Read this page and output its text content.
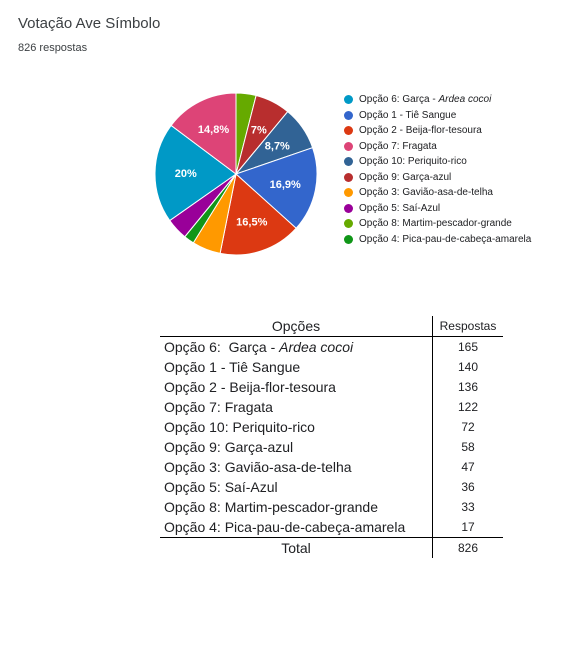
Votação Ave Símbolo
826 respostas
7%
8,7%
16,9%
16,5%
20%
14,8%
Opção 6: Garça - Ardea cocoi
Opção 1 - Tiê Sangue
Opção 2 - Beija-flor-tesoura
Opção 7: Fragata
Opção 10: Periquito-rico
Opção 9: Garça-azul
Opção 3: Gavião-asa-de-telha
Opção 5: Saí-Azul
Opção 8: Martim-pescador-grande
Opção 4: Pica-pau-de-cabeça-amarela
Opções	Respostas
Opção 6:  Garça - Ardea cocoi	165
Opção 1 - Tiê Sangue	140
Opção 2 - Beija-flor-tesoura	136
Opção 7: Fragata	122
Opção 10: Periquito-rico	72
Opção 9: Garça-azul	58
Opção 3: Gavião-asa-de-telha	47
Opção 5: Saí-Azul	36
Opção 8: Martim-pescador-grande	33
Opção 4: Pica-pau-de-cabeça-amarela	17
Total	826
